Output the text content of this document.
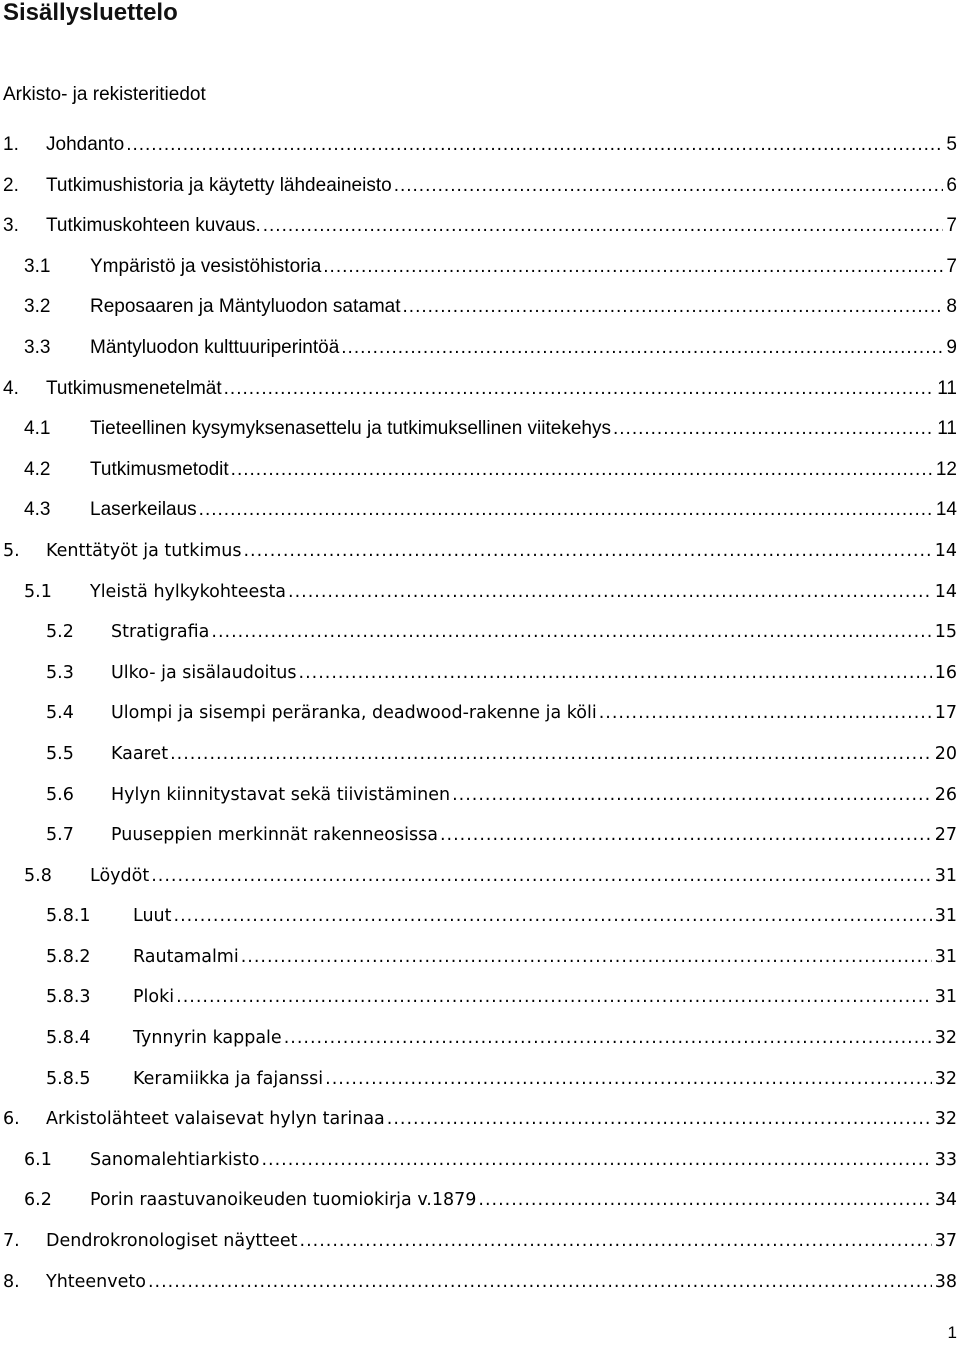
Sisällysluettelo
Arkisto- ja rekisteritiedot
1. Johdanto .....	5
2. Tutkimushistoria ja käytetty lähdeaineisto .....	6
3. Tutkimuskohteen kuvaus. .....	7
3.1 Ympäristö ja vesistöhistoria .....	7
3.2 Reposaaren ja Mäntyluodon satamat .....	8
3.3 Mäntyluodon kulttuuriperintöä .....	9
4. Tutkimusmenetelmät .....	11
4.1 Tieteellinen kysymyksenasettelu ja tutkimuksellinen viitekehys .....	11
4.2 Tutkimusmetodit .....	12
4.3 Laserkeilaus .....	14
5. Kenttätyöt ja tutkimus .....	14
5.1 Yleistä hylkykohteesta .....	14
5.2 Stratigrafia .....	15
5.3 Ulko- ja sisälaudoitus .....	16
5.4 Ulompi ja sisempi peräranka, deadwood-rakenne ja köli .....	17
5.5 Kaaret .....	20
5.6 Hylyn kiinnitystavat sekä tiivistäminen .....	26
5.7 Puuseppien merkinnät rakenneosissa .....	27
5.8 Löydöt .....	31
5.8.1 Luut .....	31
5.8.2 Rautamalmi .....	31
5.8.3 Ploki .....	31
5.8.4 Tynnyrin kappale .....	32
5.8.5 Keramiikka ja fajanssi .....	32
6. Arkistolähteet valaisevat hylyn tarinaa .....	32
6.1 Sanomalehtiarkisto .....	33
6.2 Porin raastuvanoikeuden tuomiokirja v.1879 .....	34
7. Dendrokronologiset näytteet .....	37
8. Yhteenveto .....	38
1
